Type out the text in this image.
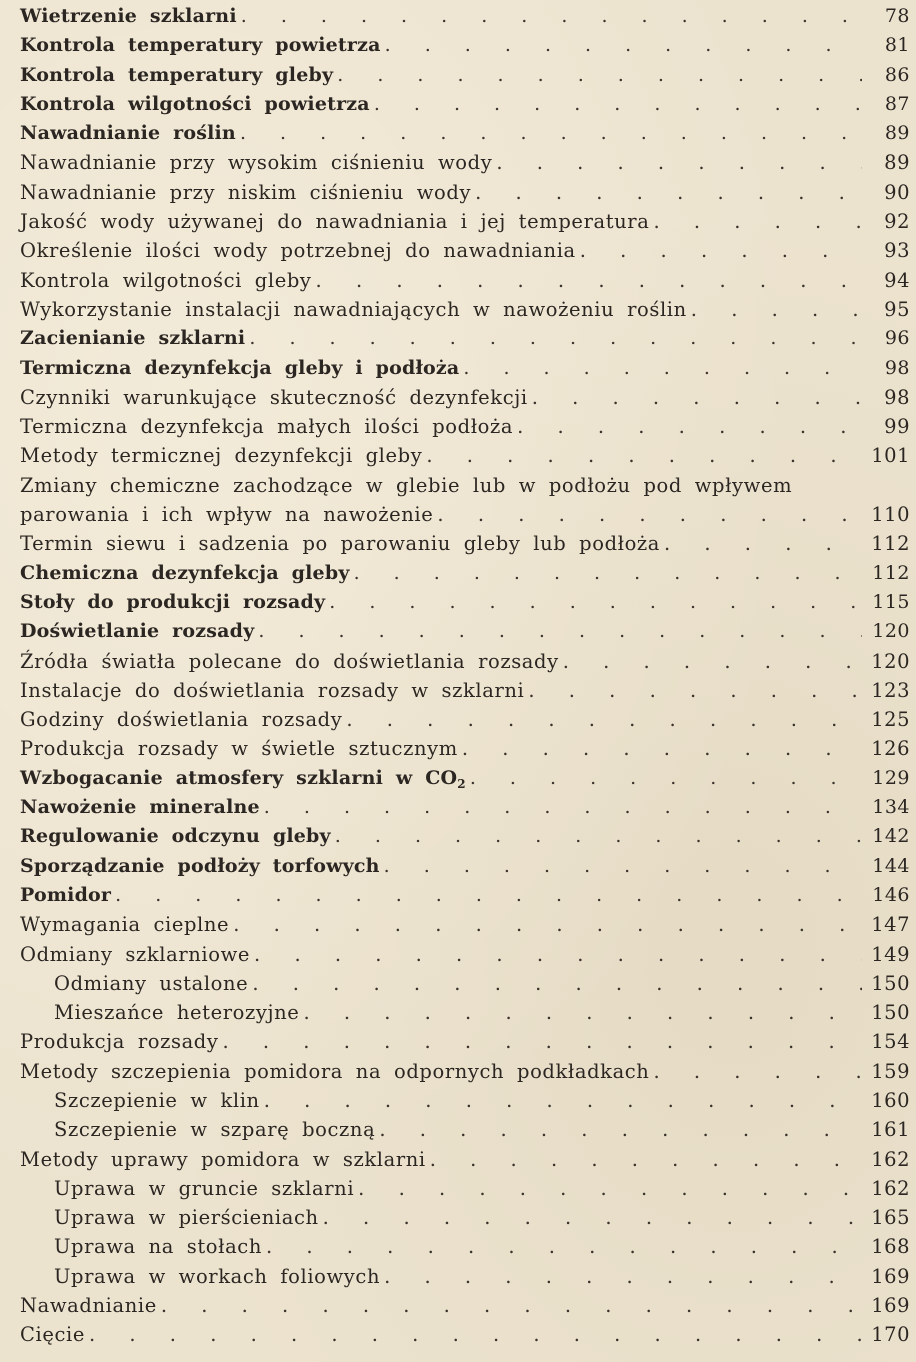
Wietrzenie szklarni . . .	78
Kontrola temperatury powietrza . . .	81
Kontrola temperatury gleby . . .	86
Kontrola wilgotności powietrza . . .	87
Nawadnianie roślin . . .	89
Nawadnianie przy wysokim ciśnieniu wody . . .	89
Nawadnianie przy niskim ciśnieniu wody . . .	90
Jakość wody używanej do nawadniania i jej temperatura . . .	92
Określenie ilości wody potrzebnej do nawadniania . . .	93
Kontrola wilgotności gleby . . .	94
Wykorzystanie instalacji nawadniających w nawożeniu roślin . . .	95
Zacienianie szklarni . . .	96
Termiczna dezynfekcja gleby i podłoża . . .	98
Czynniki warunkujące skuteczność dezynfekcji . . .	98
Termiczna dezynfekcja małych ilości podłoża . . .	99
Metody termicznej dezynfekcji gleby . . .	101
Zmiany chemiczne zachodzące w glebie lub w podłożu pod wpływem
parowania i ich wpływ na nawożenie . . .	110
Termin siewu i sadzenia po parowaniu gleby lub podłoża . . .	112
Chemiczna dezynfekcja gleby . . .	112
Stoły do produkcji rozsady . . .	115
Doświetlanie rozsady . . .	120
Źródła światła polecane do doświetlania rozsady . . .	120
Instalacje do doświetlania rozsady w szklarni . . .	123
Godziny doświetlania rozsady . . .	125
Produkcja rozsady w świetle sztucznym . . .	126
Wzbogacanie atmosfery szklarni w $CO_2$ . . .	129
Nawożenie mineralne . . .	134
Regulowanie odczynu gleby . . .	142
Sporządzanie podłoży torfowych . . .	144
Pomidor . . .	146
Wymagania cieplne . . .	147
Odmiany szklarniowe . . .	149
Odmiany ustalone . . .	150
Mieszańce heterozyjne . . .	150
Produkcja rozsady . . .	154
Metody szczepienia pomidora na odpornych podkładkach . . .	159
Szczepienie w klin . . .	160
Szczepienie w szparę boczną . . .	161
Metody uprawy pomidora w szklarni . . .	162
Uprawa w gruncie szklarni . . .	162
Uprawa w pierścieniach . . .	165
Uprawa na stołach . . .	168
Uprawa w workach foliowych . . .	169
Nawadnianie . . .	169
Cięcie . . .	170
